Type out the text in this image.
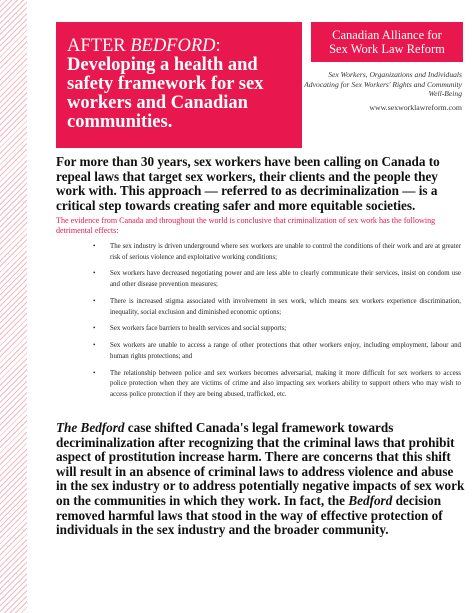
AFTER BEDFORD:
Developing a health and safety framework for sex workers and Canadian communities.
Canadian Alliance for
Sex Work Law Reform
Sex Workers, Organizations and Individuals Advocating for Sex Workers' Rights and Community Well-Being
www.sexworklawreform.com

For more than 30 years, sex workers have been calling on Canada to repeal laws that target sex workers, their clients and the people they work with. This approach — referred to as decriminalization — is a critical step towards creating safer and more equitable societies.

The evidence from Canada and throughout the world is conclusive that criminalization of sex work has the following detrimental effects:

• The sex industry is driven underground where sex workers are unable to control the conditions of their work and are at greater risk of serious violence and exploitative working conditions;
• Sex workers have decreased negotiating power and are less able to clearly communicate their services, insist on condom use and other disease prevention measures;
• There is increased stigma associated with involvement in sex work, which means sex workers experience discrimination, inequality, social exclusion and diminished economic options;
• Sex workers face barriers to health services and social supports;
• Sex workers are unable to access a range of other protections that other workers enjoy, including employment, labour and human rights protections; and
• The relationship between police and sex workers becomes adversarial, making it more difficult for sex workers to access police protection when they are victims of crime and also impacting sex workers ability to support others who may wish to access police protection if they are being abused, trafficked, etc.

The Bedford case shifted Canada's legal framework towards decriminalization after recognizing that the criminal laws that prohibit aspect of prostitution increase harm. There are concerns that this shift will result in an absence of criminal laws to address violence and abuse in the sex industry or to address potentially negative impacts of sex work on the communities in which they work. In fact, the Bedford decision removed harmful laws that stood in the way of effective protection of individuals in the sex industry and the broader community.
